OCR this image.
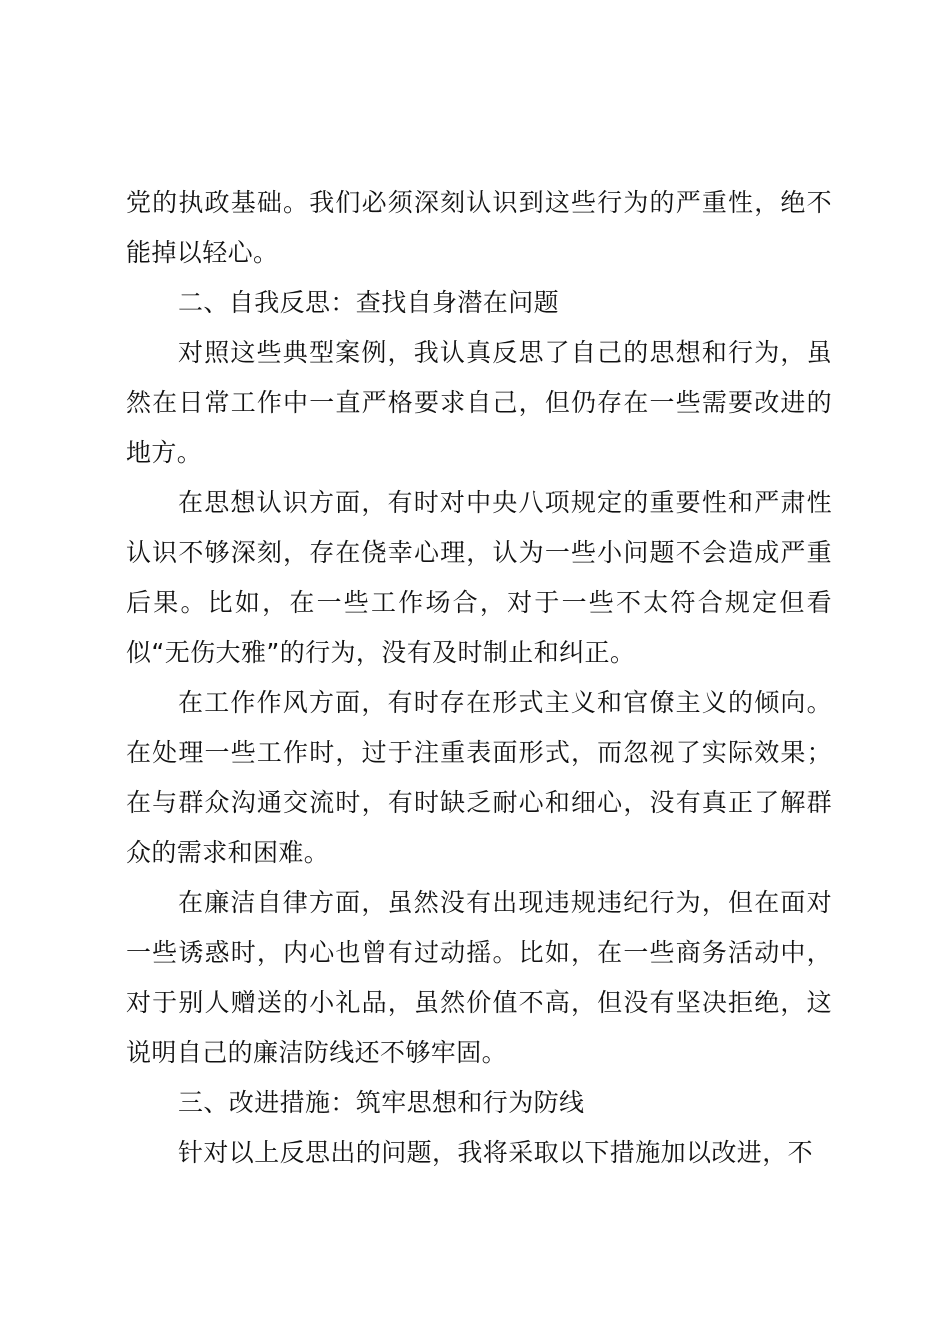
党的执政基础。我们必须深刻认识到这些行为的严重性，绝不能掉以轻心。

二、自我反思：查找自身潜在问题

对照这些典型案例，我认真反思了自己的思想和行为，虽然在日常工作中一直严格要求自己，但仍存在一些需要改进的地方。

在思想认识方面，有时对中央八项规定的重要性和严肃性认识不够深刻，存在侥幸心理，认为一些小问题不会造成严重后果。比如，在一些工作场合，对于一些不太符合规定但看似“无伤大雅”的行为，没有及时制止和纠正。

在工作作风方面，有时存在形式主义和官僚主义的倾向。在处理一些工作时，过于注重表面形式，而忽视了实际效果；在与群众沟通交流时，有时缺乏耐心和细心，没有真正了解群众的需求和困难。

在廉洁自律方面，虽然没有出现违规违纪行为，但在面对一些诱惑时，内心也曾有过动摇。比如，在一些商务活动中，对于别人赠送的小礼品，虽然价值不高，但没有坚决拒绝，这说明自己的廉洁防线还不够牢固。

三、改进措施：筑牢思想和行为防线

针对以上反思出的问题，我将采取以下措施加以改进，不
